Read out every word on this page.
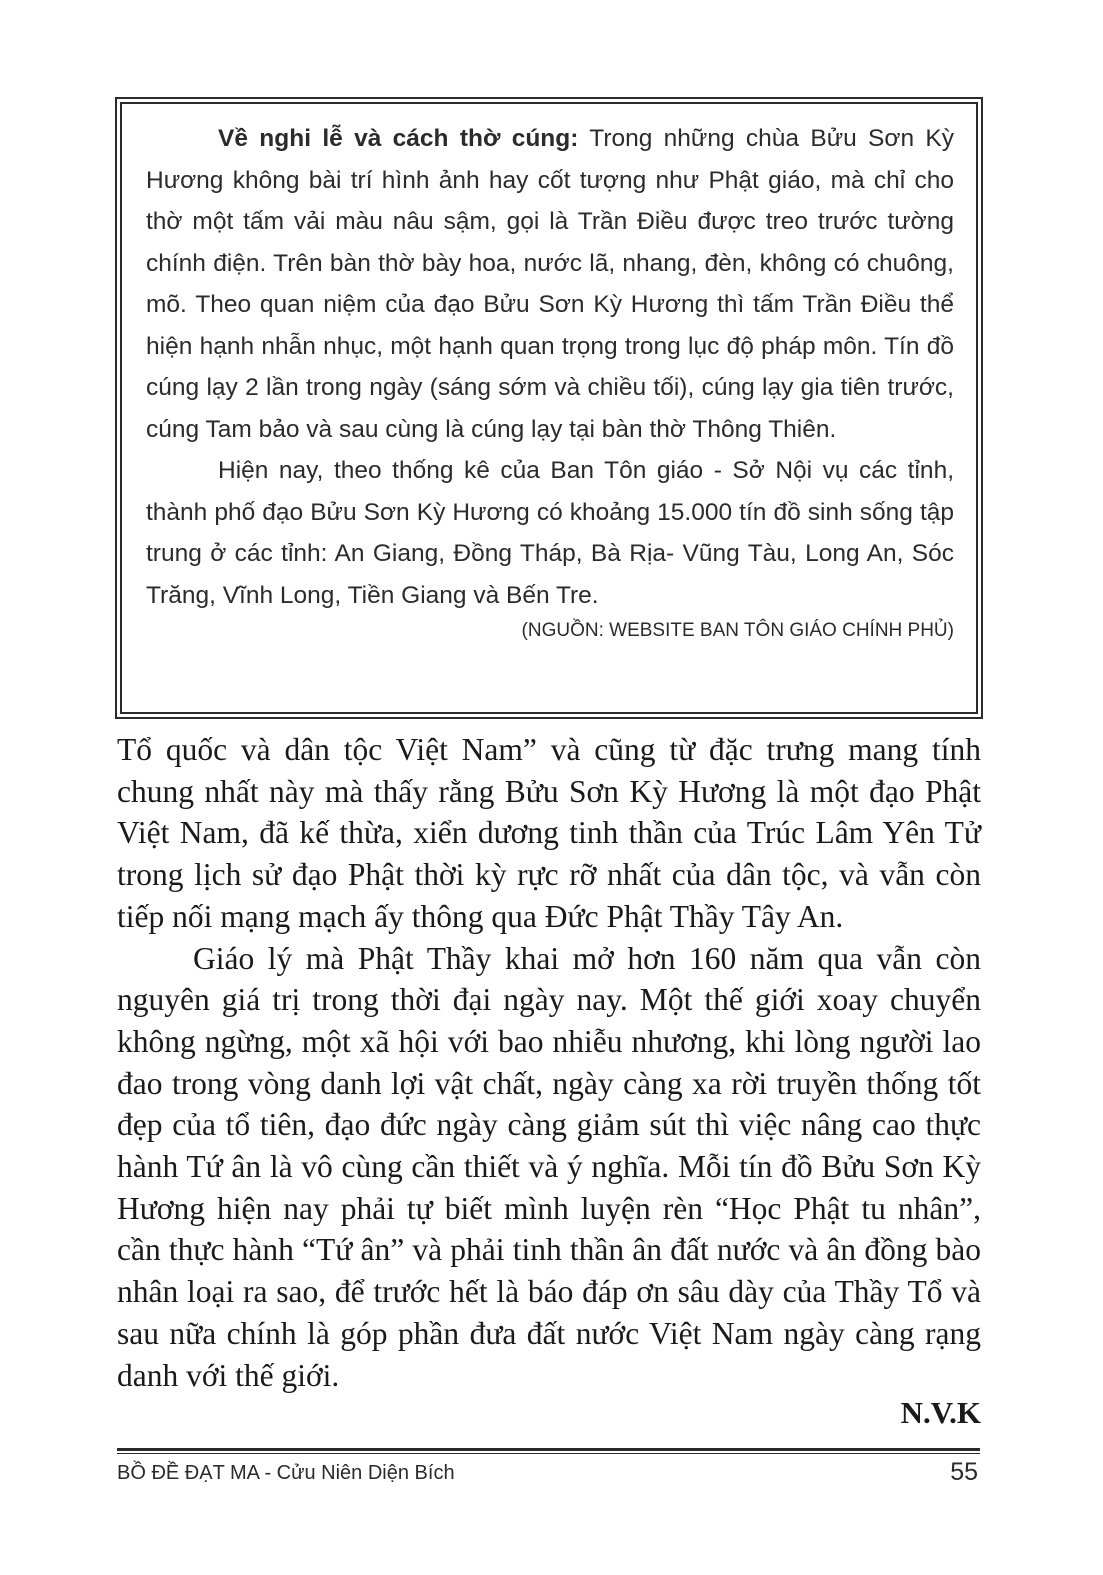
Về nghi lễ và cách thờ cúng: Trong những chùa Bửu Sơn Kỳ Hương không bài trí hình ảnh hay cốt tượng như Phật giáo, mà chỉ cho thờ một tấm vải màu nâu sậm, gọi là Trần Điều được treo trước tường chính điện. Trên bàn thờ bày hoa, nước lã, nhang, đèn, không có chuông, mõ. Theo quan niệm của đạo Bửu Sơn Kỳ Hương thì tấm Trần Điều thể hiện hạnh nhẫn nhục, một hạnh quan trọng trong lục độ pháp môn. Tín đồ cúng lạy 2 lần trong ngày (sáng sớm và chiều tối), cúng lạy gia tiên trước, cúng Tam bảo và sau cùng là cúng lạy tại bàn thờ Thông Thiên.

Hiện nay, theo thống kê của Ban Tôn giáo - Sở Nội vụ các tỉnh, thành phố đạo Bửu Sơn Kỳ Hương có khoảng 15.000 tín đồ sinh sống tập trung ở các tỉnh: An Giang, Đồng Tháp, Bà Rịa- Vũng Tàu, Long An, Sóc Trăng, Vĩnh Long, Tiền Giang và Bến Tre.

(NGUỒN: WEBSITE BAN TÔN GIÁO CHÍNH PHỦ)

Tổ quốc và dân tộc Việt Nam” và cũng từ đặc trưng mang tính chung nhất này mà thấy rằng Bửu Sơn Kỳ Hương là một đạo Phật Việt Nam, đã kế thừa, xiển dương tinh thần của Trúc Lâm Yên Tử trong lịch sử đạo Phật thời kỳ rực rỡ nhất của dân tộc, và vẫn còn tiếp nối mạng mạch ấy thông qua Đức Phật Thầy Tây An.

Giáo lý mà Phật Thầy khai mở hơn 160 năm qua vẫn còn nguyên giá trị trong thời đại ngày nay. Một thế giới xoay chuyển không ngừng, một xã hội với bao nhiễu nhương, khi lòng người lao đao trong vòng danh lợi vật chất, ngày càng xa rời truyền thống tốt đẹp của tổ tiên, đạo đức ngày càng giảm sút thì việc nâng cao thực hành Tứ ân là vô cùng cần thiết và ý nghĩa. Mỗi tín đồ Bửu Sơn Kỳ Hương hiện nay phải tự biết mình luyện rèn “Học Phật tu nhân”, cần thực hành “Tứ ân” và phải tinh thần ân đất nước và ân đồng bào nhân loại ra sao, để trước hết là báo đáp ơn sâu dày của Thầy Tổ và sau nữa chính là góp phần đưa đất nước Việt Nam ngày càng rạng danh với thế giới.

N.V.K
BỒ ĐỀ ĐẠT MA - Cửu Niên Diện Bích	55
